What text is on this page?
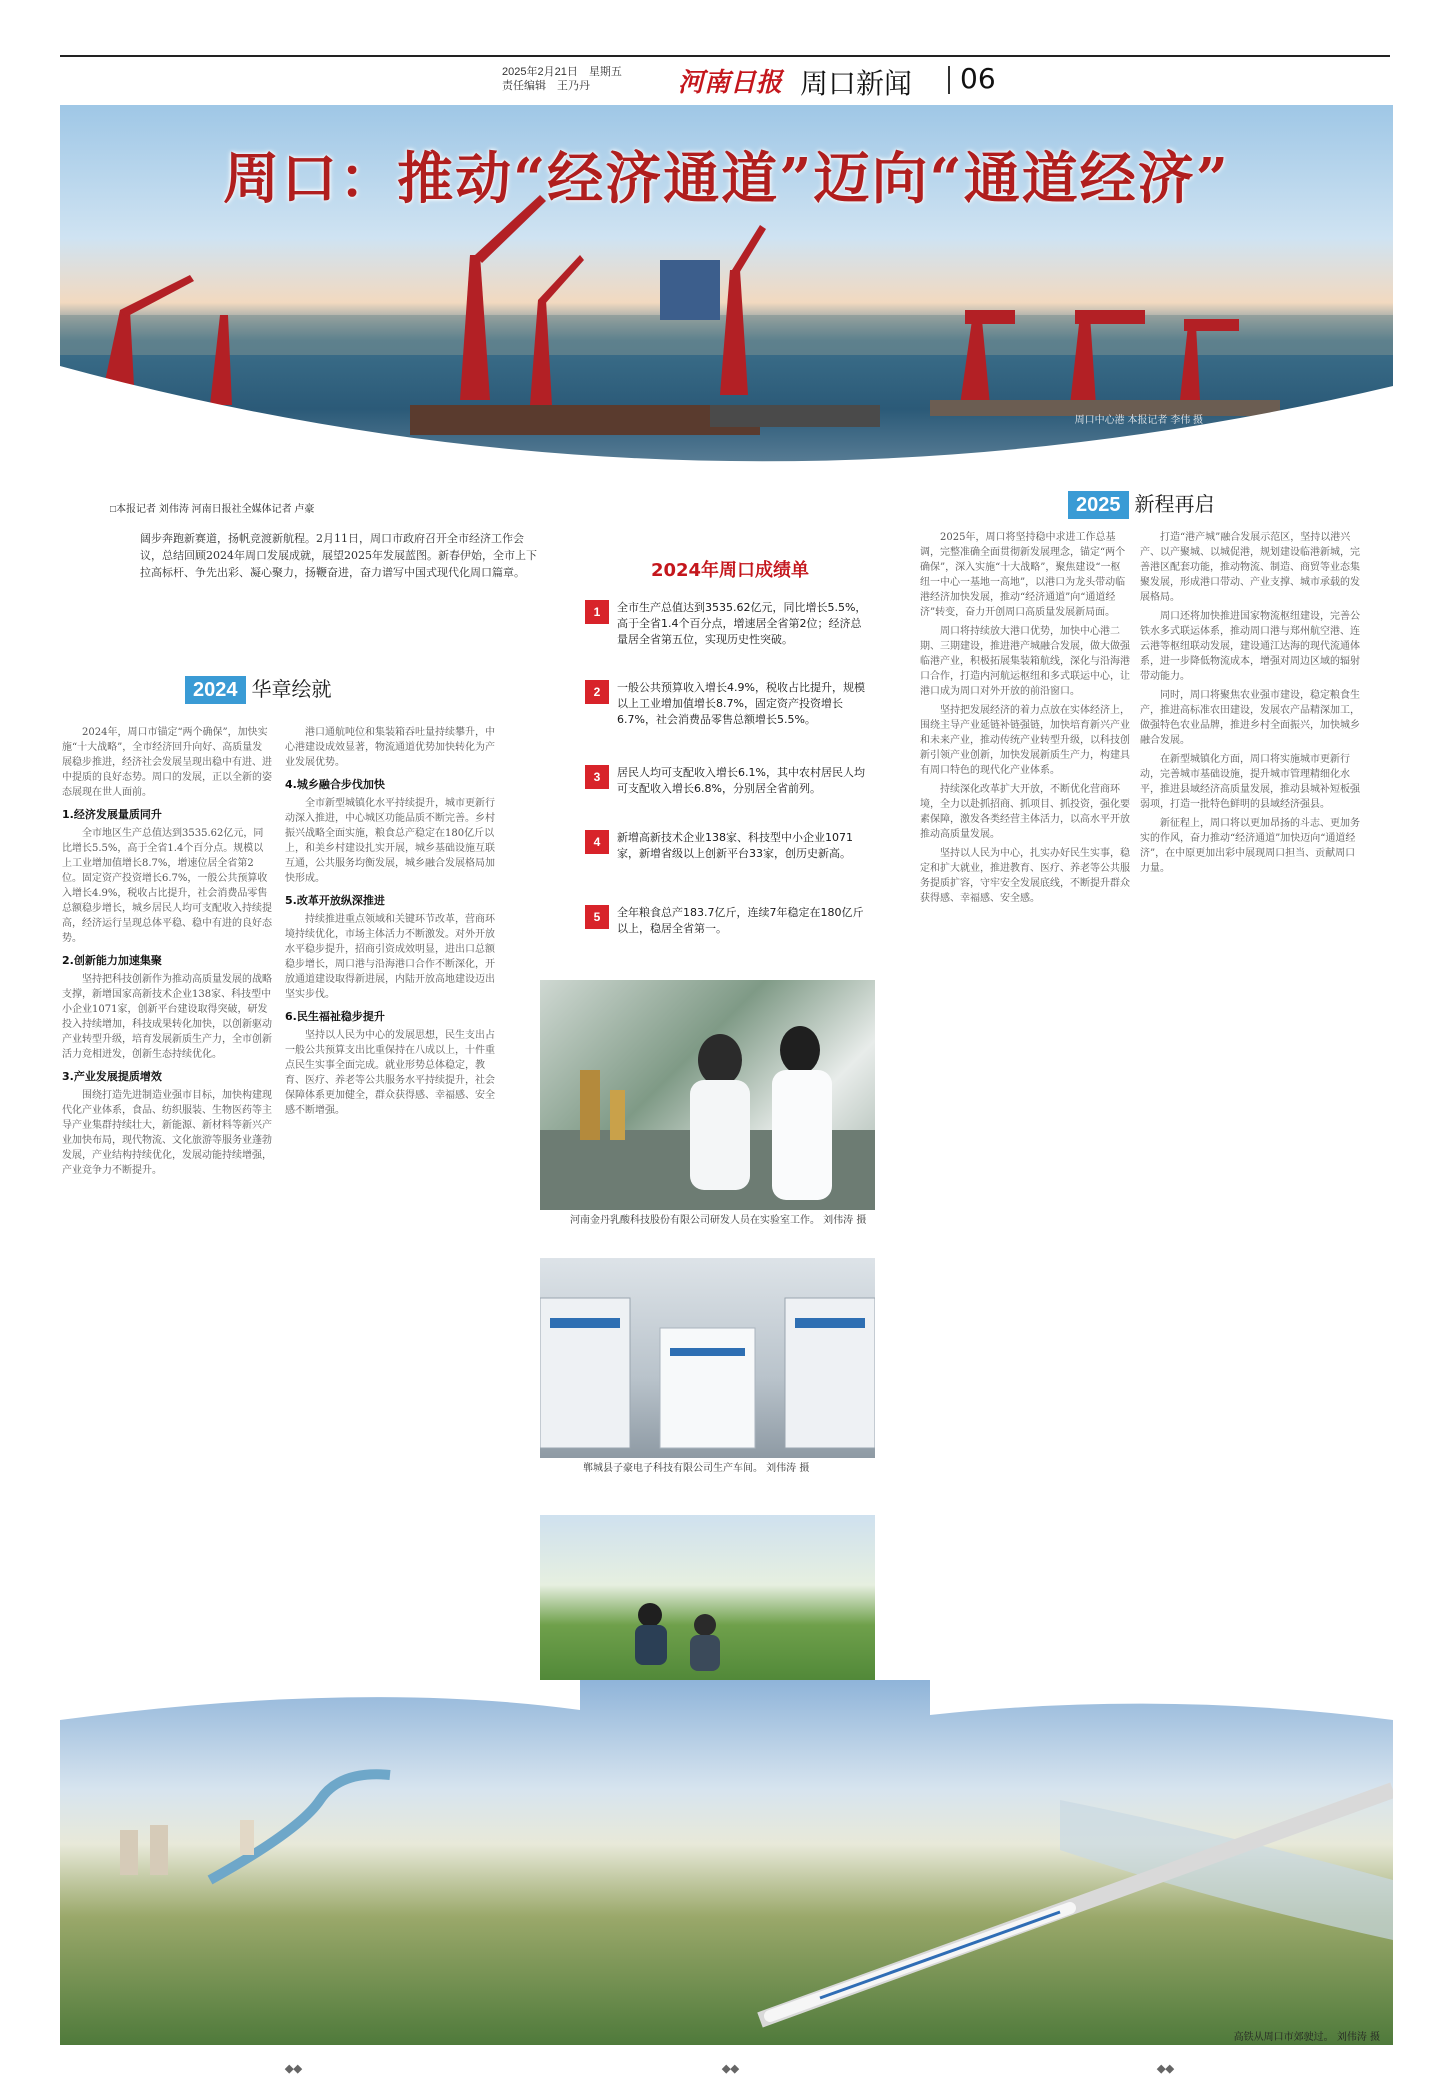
2025年2月21日　星期五
责任编辑　王乃丹	河南日报 周口新闻 06
周口：推动“经济通道”迈向“通道经济”
周口中心港 本报记者 李伟 摄
□本报记者 刘伟涛 河南日报社全媒体记者 卢豪
阔步奔跑新赛道，扬帆竞渡新航程。2月11日，周口市政府召开全市经济工作会议，总结回顾2024年周口发展成就，展望2025年发展蓝图。新春伊始，全市上下拉高标杆、争先出彩、凝心聚力，扬鞭奋进，奋力谱写中国式现代化周口篇章。
2024 华章绘就
2025 新程再启

2024年，周口市锚定“两个确保”，加快实施“十大战略”，全市经济回升向好、高质量发展稳步推进，经济社会发展呈现出稳中有进、进中提质的良好态势。周口的发展，正以全新的姿态展现在世人面前。

1.经济发展量质同升

全市地区生产总值达到3535.62亿元，同比增长5.5%，高于全省1.4个百分点。规模以上工业增加值增长8.7%，增速位居全省第2位。固定资产投资增长6.7%，一般公共预算收入增长4.9%，税收占比提升，社会消费品零售总额稳步增长，城乡居民人均可支配收入持续提高，经济运行呈现总体平稳、稳中有进的良好态势。

2.创新能力加速集聚

坚持把科技创新作为推动高质量发展的战略支撑，新增国家高新技术企业138家、科技型中小企业1071家，创新平台建设取得突破，研发投入持续增加，科技成果转化加快，以创新驱动产业转型升级，培育发展新质生产力，全市创新活力竞相迸发，创新生态持续优化。

3.产业发展提质增效

围绕打造先进制造业强市目标，加快构建现代化产业体系，食品、纺织服装、生物医药等主导产业集群持续壮大，新能源、新材料等新兴产业加快布局，现代物流、文化旅游等服务业蓬勃发展，产业结构持续优化，发展动能持续增强，产业竞争力不断提升。

港口通航吨位和集装箱吞吐量持续攀升，中心港建设成效显著，物流通道优势加快转化为产业发展优势。

4.城乡融合步伐加快

全市新型城镇化水平持续提升，城市更新行动深入推进，中心城区功能品质不断完善。乡村振兴战略全面实施，粮食总产稳定在180亿斤以上，和美乡村建设扎实开展，城乡基础设施互联互通，公共服务均衡发展，城乡融合发展格局加快形成。

5.改革开放纵深推进

持续推进重点领域和关键环节改革，营商环境持续优化，市场主体活力不断激发。对外开放水平稳步提升，招商引资成效明显，进出口总额稳步增长，周口港与沿海港口合作不断深化，开放通道建设取得新进展，内陆开放高地建设迈出坚实步伐。

6.民生福祉稳步提升

坚持以人民为中心的发展思想，民生支出占一般公共预算支出比重保持在八成以上，十件重点民生实事全面完成。就业形势总体稳定，教育、医疗、养老等公共服务水平持续提升，社会保障体系更加健全，群众获得感、幸福感、安全感不断增强。

2024年周口成绩单
1	全市生产总值达到3535.62亿元，同比增长5.5%，高于全省1.4个百分点，增速居全省第2位；经济总量居全省第五位，实现历史性突破。
2	一般公共预算收入增长4.9%，税收占比提升，规模以上工业增加值增长8.7%，固定资产投资增长6.7%，社会消费品零售总额增长5.5%。
3	居民人均可支配收入增长6.1%，其中农村居民人均可支配收入增长6.8%，分别居全省前列。
4	新增高新技术企业138家、科技型中小企业1071家，新增省级以上创新平台33家，创历史新高。
5	全年粮食总产183.7亿斤，连续7年稳定在180亿斤以上，稳居全省第一。
河南金丹乳酸科技股份有限公司研发人员在实验室工作。 刘伟涛 摄
郸城县子豪电子科技有限公司生产车间。 刘伟涛 摄

2025年，周口将坚持稳中求进工作总基调，完整准确全面贯彻新发展理念，锚定“两个确保”，深入实施“十大战略”，聚焦建设“一枢纽一中心一基地一高地”，以港口为龙头带动临港经济加快发展，推动“经济通道”向“通道经济”转变，奋力开创周口高质量发展新局面。

周口将持续放大港口优势，加快中心港二期、三期建设，推进港产城融合发展，做大做强临港产业，积极拓展集装箱航线，深化与沿海港口合作，打造内河航运枢纽和多式联运中心，让港口成为周口对外开放的前沿窗口。

坚持把发展经济的着力点放在实体经济上，围绕主导产业延链补链强链，加快培育新兴产业和未来产业，推动传统产业转型升级，以科技创新引领产业创新，加快发展新质生产力，构建具有周口特色的现代化产业体系。

持续深化改革扩大开放，不断优化营商环境，全力以赴抓招商、抓项目、抓投资，强化要素保障，激发各类经营主体活力，以高水平开放推动高质量发展。

坚持以人民为中心，扎实办好民生实事，稳定和扩大就业，推进教育、医疗、养老等公共服务提质扩容，守牢安全发展底线，不断提升群众获得感、幸福感、安全感。

打造“港产城”融合发展示范区，坚持以港兴产、以产聚城、以城促港，规划建设临港新城，完善港区配套功能，推动物流、制造、商贸等业态集聚发展，形成港口带动、产业支撑、城市承载的发展格局。

周口还将加快推进国家物流枢纽建设，完善公铁水多式联运体系，推动周口港与郑州航空港、连云港等枢纽联动发展，建设通江达海的现代流通体系，进一步降低物流成本，增强对周边区域的辐射带动能力。

同时，周口将聚焦农业强市建设，稳定粮食生产，推进高标准农田建设，发展农产品精深加工，做强特色农业品牌，推进乡村全面振兴，加快城乡融合发展。

在新型城镇化方面，周口将实施城市更新行动，完善城市基础设施，提升城市管理精细化水平，推进县域经济高质量发展，推动县城补短板强弱项，打造一批特色鲜明的县域经济强县。

新征程上，周口将以更加昂扬的斗志、更加务实的作风，奋力推动“经济通道”加快迈向“通道经济”，在中原更加出彩中展现周口担当、贡献周口力量。

高铁从周口市郊驶过。 刘伟涛 摄
◆◆	◆◆	◆◆
